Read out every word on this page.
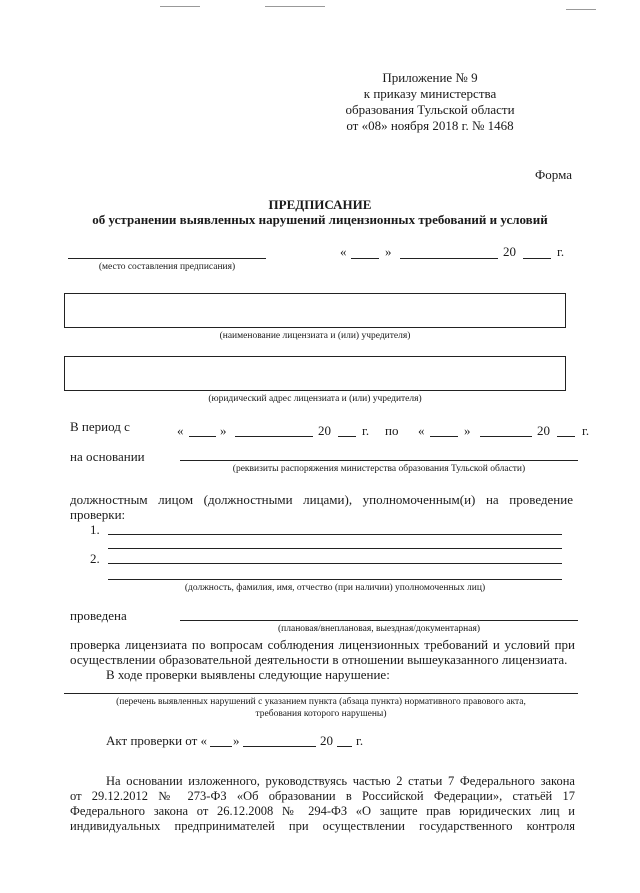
Приложение № 9
к приказу министерства
образования Тульской области
от «08» ноября 2018 г. № 1468
Форма
ПРЕДПИСАНИЕ
об устранении выявленных нарушений лицензионных требований и условий
(место составления предписания)
«	»	20	г.
(наименование лицензиата и (или) учредителя)
(юридический адрес лицензиата и (или) учредителя)
В период с	«	»	20 г. по «	»	20 г.
на основании
(реквизиты распоряжения министерства образования Тульской области)
должностным лицом (должностными лицами), уполномоченным(и) на проведение
проверки:
1.
2.
(должность, фамилия, имя, отчество (при наличии) уполномоченных лиц)
проведена
(плановая/внеплановая, выездная/документарная)
проверка лицензиата по вопросам соблюдения лицензионных требований и условий при
осуществлении образовательной деятельности в отношении вышеуказанного лицензиата.
В ходе проверки выявлены следующие нарушение:
(перечень выявленных нарушений с указанием пункта (абзаца пункта) нормативного правового акта,
требования которого нарушены)
Акт проверки от « »	20 г.
На основании изложенного, руководствуясь частью 2 статьи 7 Федерального закона
от 29.12.2012 № 273-ФЗ «Об образовании в Российской Федерации», статьёй 17
Федерального закона от 26.12.2008 № 294-ФЗ «О защите прав юридических лиц и
индивидуальных предпринимателей при осуществлении государственного контроля
